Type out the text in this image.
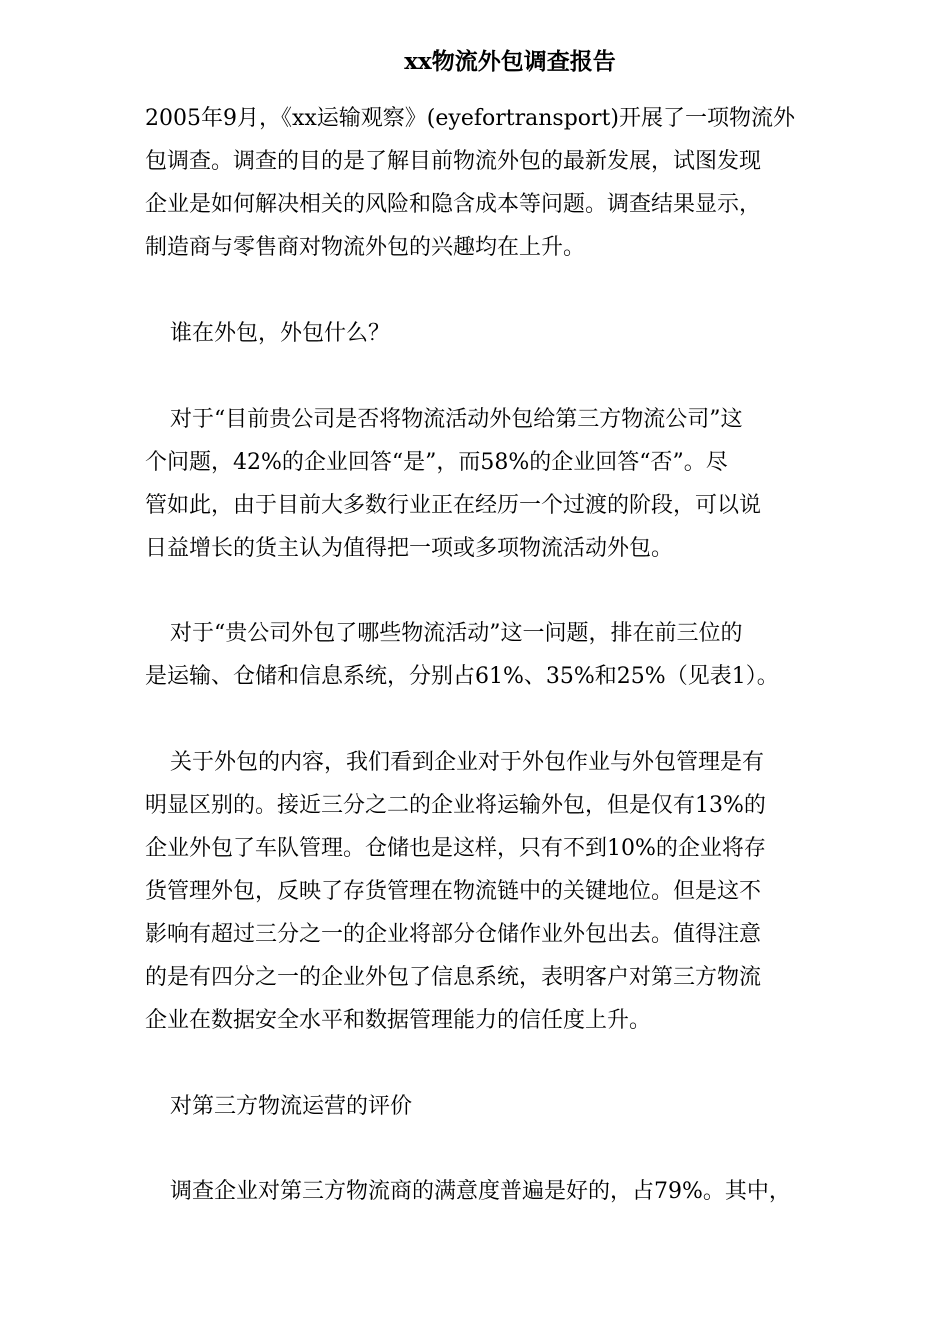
xx物流外包调查报告
2005年9月，《xx运输观察》(eyefortransport)开展了一项物流外
包调查。调查的目的是了解目前物流外包的最新发展，试图发现
企业是如何解决相关的风险和隐含成本等问题。调查结果显示，
制造商与零售商对物流外包的兴趣均在上升。
谁在外包，外包什么？
对于“目前贵公司是否将物流活动外包给第三方物流公司”这
个问题，42%的企业回答“是”，而58%的企业回答“否”。尽
管如此，由于目前大多数行业正在经历一个过渡的阶段，可以说
日益增长的货主认为值得把一项或多项物流活动外包。
对于“贵公司外包了哪些物流活动”这一问题，排在前三位的
是运输、仓储和信息系统，分别占61%、35%和25%（见表1）。
关于外包的内容，我们看到企业对于外包作业与外包管理是有
明显区别的。接近三分之二的企业将运输外包，但是仅有13%的
企业外包了车队管理。仓储也是这样，只有不到10%的企业将存
货管理外包，反映了存货管理在物流链中的关键地位。但是这不
影响有超过三分之一的企业将部分仓储作业外包出去。值得注意
的是有四分之一的企业外包了信息系统，表明客户对第三方物流
企业在数据安全水平和数据管理能力的信任度上升。
对第三方物流运营的评价
调查企业对第三方物流商的满意度普遍是好的，占79%。其中，
